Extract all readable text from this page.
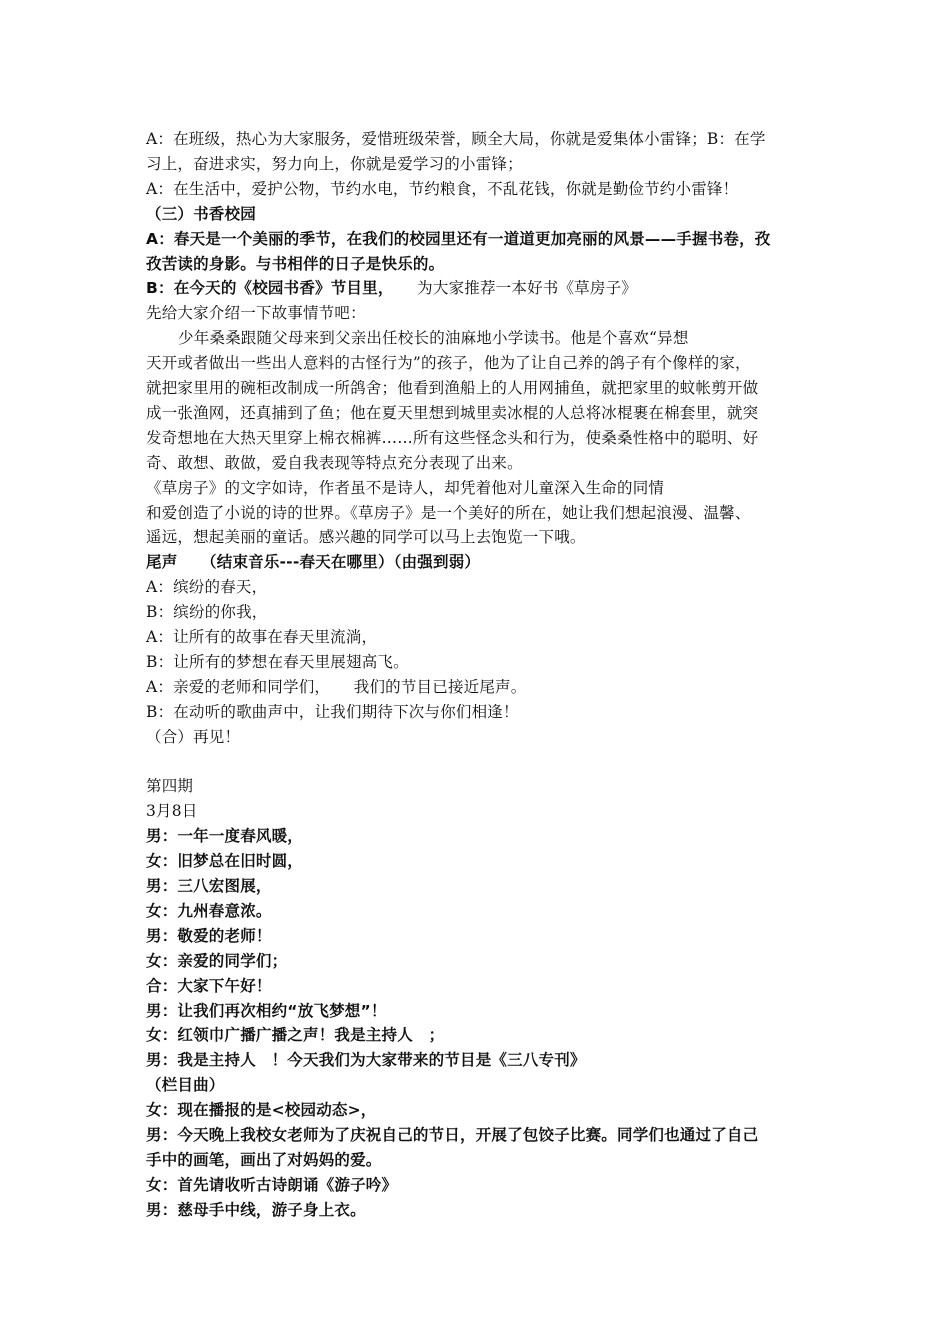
A：在班级，热心为大家服务，爱惜班级荣誉，顾全大局，你就是爱集体小雷锋；B：在学
习上，奋进求实，努力向上，你就是爱学习的小雷锋；
A：在生活中，爱护公物，节约水电，节约粮食，不乱花钱，你就是勤俭节约小雷锋！
（三）书香校园
A：春天是一个美丽的季节，在我们的校园里还有一道道更加亮丽的风景——手握书卷，孜
孜苦读的身影。与书相伴的日子是快乐的。
B：在今天的《校园书香》节目里，　　为大家推荐一本好书《草房子》
先给大家介绍一下故事情节吧：
少年桑桑跟随父母来到父亲出任校长的油麻地小学读书。他是个喜欢“异想
天开或者做出一些出人意料的古怪行为”的孩子，他为了让自己养的鸽子有个像样的家，
就把家里用的碗柜改制成一所鸽舍；他看到渔船上的人用网捕鱼，就把家里的蚊帐剪开做
成一张渔网，还真捕到了鱼；他在夏天里想到城里卖冰棍的人总将冰棍裹在棉套里，就突
发奇想地在大热天里穿上棉衣棉裤……所有这些怪念头和行为，使桑桑性格中的聪明、好
奇、敢想、敢做，爱自我表现等特点充分表现了出来。
《草房子》的文字如诗，作者虽不是诗人，却凭着他对儿童深入生命的同情
和爱创造了小说的诗的世界。《草房子》是一个美好的所在，她让我们想起浪漫、温馨、
遥远，想起美丽的童话。感兴趣的同学可以马上去饱览一下哦。
尾声　　（结束音乐---春天在哪里）（由强到弱）
A：缤纷的春天，
B：缤纷的你我，
A：让所有的故事在春天里流淌，
B：让所有的梦想在春天里展翅高飞。
A：亲爱的老师和同学们，　　我们的节目已接近尾声。
B：在动听的歌曲声中，让我们期待下次与你们相逢！
（合）再见！
第四期
3月8日
男：一年一度春风暖，
女：旧梦总在旧时圆，
男：三八宏图展，
女：九州春意浓。
男：敬爱的老师！
女：亲爱的同学们；
合：大家下午好！
男：让我们再次相约“放飞梦想”！
女：红领巾广播广播之声！我是主持人　；
男：我是主持人　！今天我们为大家带来的节目是《三八专刊》
（栏目曲）
女：现在播报的是<校园动态>，
男：今天晚上我校女老师为了庆祝自己的节日，开展了包饺子比赛。同学们也通过了自己
手中的画笔，画出了对妈妈的爱。
女：首先请收听古诗朗诵《游子吟》
男：慈母手中线，游子身上衣。
